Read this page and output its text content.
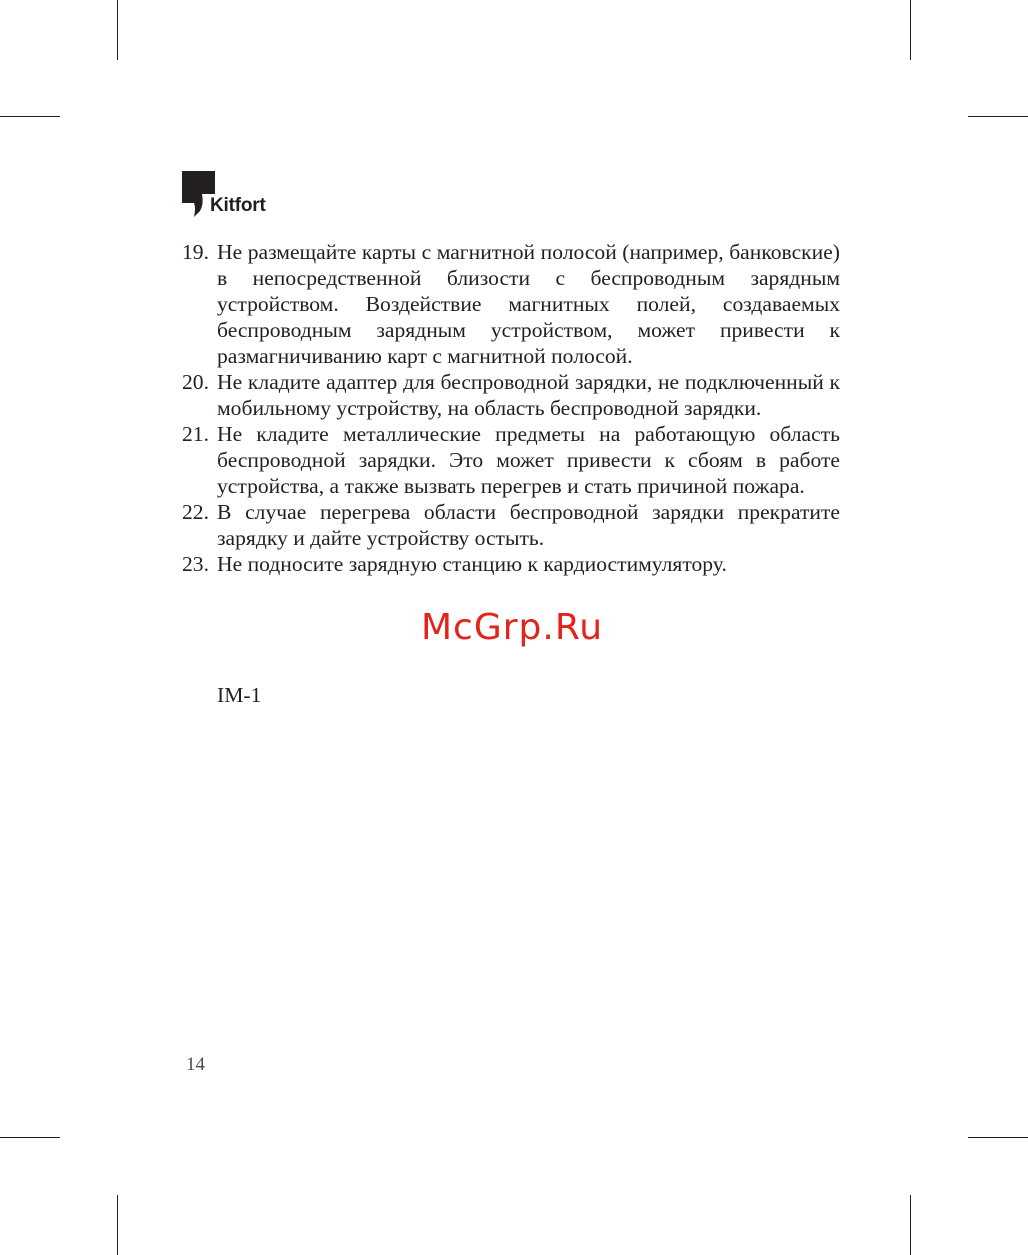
Kitfort
19. Не размещайте карты с магнитной полосой (например, банковские) в непосредственной близости с беспроводным зарядным устройством. Воздействие магнитных полей, создаваемых беспроводным зарядным устройством, может привести к размагничиванию карт с магнитной полосой.
20. Не кладите адаптер для беспроводной зарядки, не подключенный к мобильному устройству, на область беспроводной зарядки.
21. Не кладите металлические предметы на работающую область беспроводной зарядки. Это может привести к сбоям в работе устройства, а также вызвать перегрев и стать причиной пожара.
22. В случае перегрева области беспроводной зарядки прекратите зарядку и дайте устройству остыть.
23. Не подносите зарядную станцию к кардиостимулятору.
McGrp.Ru
IM-1
14
